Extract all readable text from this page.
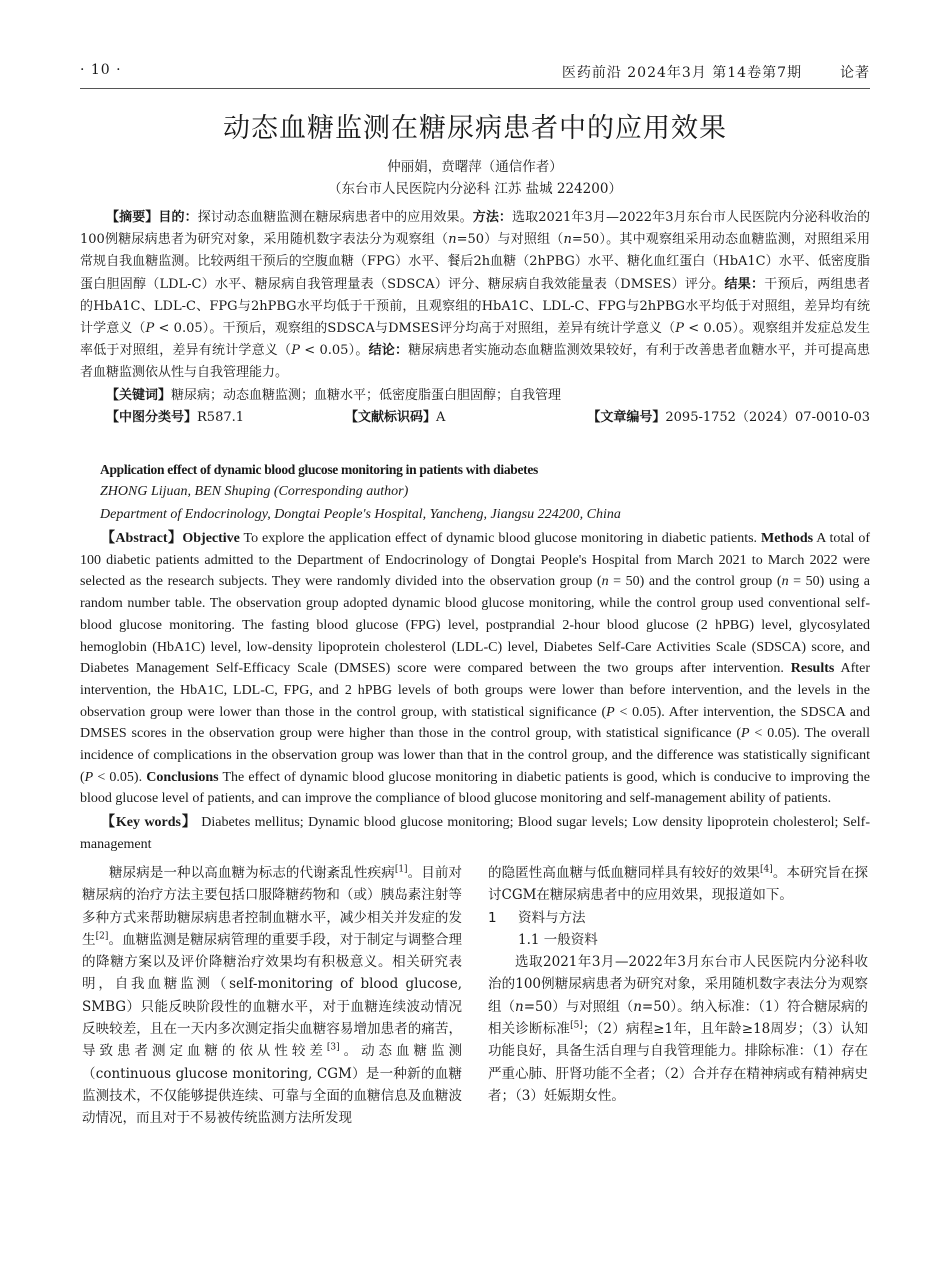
· 10 ·	医药前沿 2024年3月 第14卷第7期	论著
动态血糖监测在糖尿病患者中的应用效果
仲丽娟，贲曙萍（通信作者）
（东台市人民医院内分泌科 江苏 盐城 224200）

【摘要】目的：探讨动态血糖监测在糖尿病患者中的应用效果。方法：选取2021年3月—2022年3月东台市人民医院内分泌科收治的100例糖尿病患者为研究对象，采用随机数字表法分为观察组（n=50）与对照组（n=50）。其中观察组采用动态血糖监测，对照组采用常规自我血糖监测。比较两组干预后的空腹血糖（FPG）水平、餐后2h血糖（2hPBG）水平、糖化血红蛋白（HbA1C）水平、低密度脂蛋白胆固醇（LDL-C）水平、糖尿病自我管理量表（SDSCA）评分、糖尿病自我效能量表（DMSES）评分。结果：干预后，两组患者的HbA1C、LDL-C、FPG与2hPBG水平均低于干预前，且观察组的HbA1C、LDL-C、FPG与2hPBG水平均低于对照组，差异均有统计学意义（P < 0.05）。干预后，观察组的SDSCA与DMSES评分均高于对照组，差异有统计学意义（P < 0.05）。观察组并发症总发生率低于对照组，差异有统计学意义（P < 0.05）。结论：糖尿病患者实施动态血糖监测效果较好，有利于改善患者血糖水平，并可提高患者血糖监测依从性与自我管理能力。

【关键词】糖尿病；动态血糖监测；血糖水平；低密度脂蛋白胆固醇；自我管理

【中图分类号】R587.1	【文献标识码】A	【文章编号】2095-1752（2024）07-0010-03
Application effect of dynamic blood glucose monitoring in patients with diabetes
ZHONG Lijuan, BEN Shuping (Corresponding author)
Department of Endocrinology, Dongtai People's Hospital, Yancheng, Jiangsu 224200, China

【Abstract】Objective To explore the application effect of dynamic blood glucose monitoring in diabetic patients. Methods A total of 100 diabetic patients admitted to the Department of Endocrinology of Dongtai People's Hospital from March 2021 to March 2022 were selected as the research subjects. They were randomly divided into the observation group (n = 50) and the control group (n = 50) using a random number table. The observation group adopted dynamic blood glucose monitoring, while the control group used conventional self-blood glucose monitoring. The fasting blood glucose (FPG) level, postprandial 2-hour blood glucose (2 hPBG) level, glycosylated hemoglobin (HbA1C) level, low-density lipoprotein cholesterol (LDL-C) level, Diabetes Self-Care Activities Scale (SDSCA) score, and Diabetes Management Self-Efficacy Scale (DMSES) score were compared between the two groups after intervention. Results After intervention, the HbA1C, LDL-C, FPG, and 2 hPBG levels of both groups were lower than before intervention, and the levels in the observation group were lower than those in the control group, with statistical significance (P < 0.05). After intervention, the SDSCA and DMSES scores in the observation group were higher than those in the control group, with statistical significance (P < 0.05). The overall incidence of complications in the observation group was lower than that in the control group, and the difference was statistically significant (P < 0.05). Conclusions The effect of dynamic blood glucose monitoring in diabetic patients is good, which is conducive to improving the blood glucose level of patients, and can improve the compliance of blood glucose monitoring and self-management ability of patients.

【Key words】 Diabetes mellitus; Dynamic blood glucose monitoring; Blood sugar levels; Low density lipoprotein cholesterol; Self-management

糖尿病是一种以高血糖为标志的代谢紊乱性疾病[1]。目前对糖尿病的治疗方法主要包括口服降糖药物和（或）胰岛素注射等多种方式来帮助糖尿病患者控制血糖水平，减少相关并发症的发生[2]。血糖监测是糖尿病管理的重要手段，对于制定与调整合理的降糖方案以及评价降糖治疗效果均有积极意义。相关研究表明，自我血糖监测（self-monitoring of blood glucose, SMBG）只能反映阶段性的血糖水平，对于血糖连续波动情况反映较差，且在一天内多次测定指尖血糖容易增加患者的痛苦，导致患者测定血糖的依从性较差[3]。动态血糖监测（continuous glucose monitoring, CGM）是一种新的血糖监测技术，不仅能够提供连续、可靠与全面的血糖信息及血糖波动情况，而且对于不易被传统监测方法所发现

的隐匿性高血糖与低血糖同样具有较好的效果[4]。本研究旨在探讨CGM在糖尿病患者中的应用效果，现报道如下。

1 资料与方法
1.1 一般资料

选取2021年3月—2022年3月东台市人民医院内分泌科收治的100例糖尿病患者为研究对象，采用随机数字表法分为观察组（n=50）与对照组（n=50）。纳入标准：（1）符合糖尿病的相关诊断标准[5]；（2）病程≥1年，且年龄≥18周岁；（3）认知功能良好，具备生活自理与自我管理能力。排除标准：（1）存在严重心肺、肝肾功能不全者；（2）合并存在精神病或有精神病史者；（3）妊娠期女性。
